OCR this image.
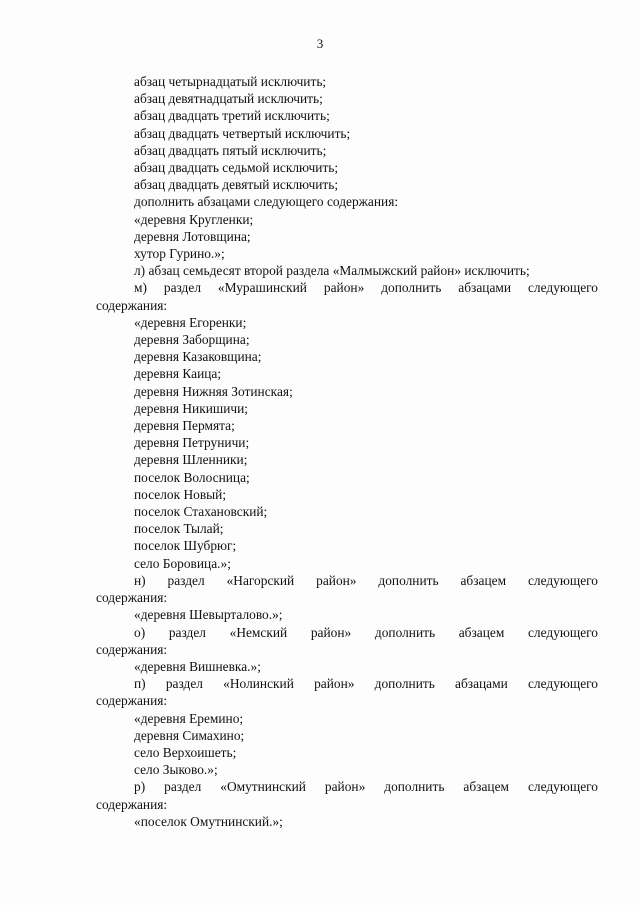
3
абзац четырнадцатый исключить;
абзац девятнадцатый исключить;
абзац двадцать третий исключить;
абзац двадцать четвертый исключить;
абзац двадцать пятый исключить;
абзац двадцать седьмой исключить;
абзац двадцать девятый исключить;
дополнить абзацами следующего содержания:
«деревня Кругленки;
деревня Лотовщина;
хутор Гурино.»;
л) абзац семьдесят второй раздела «Малмыжский район» исключить;
м) раздел «Мурашинский район» дополнить абзацами следующего
содержания:
«деревня Егоренки;
деревня Заборщина;
деревня Казаковщина;
деревня Каица;
деревня Нижняя Зотинская;
деревня Никишичи;
деревня Пермята;
деревня Петруничи;
деревня Шленники;
поселок Волосница;
поселок Новый;
поселок Стахановский;
поселок Тылай;
поселок Шубрюг;
село Боровица.»;
н) раздел «Нагорский район» дополнить абзацем следующего
содержания:
«деревня Шевырталово.»;
о) раздел «Немский район» дополнить абзацем следующего
содержания:
«деревня Вишневка.»;
п) раздел «Нолинский район» дополнить абзацами следующего
содержания:
«деревня Еремино;
деревня Симахино;
село Верхоишеть;
село Зыково.»;
р) раздел «Омутнинский район» дополнить абзацем следующего
содержания:
«поселок Омутнинский.»;
